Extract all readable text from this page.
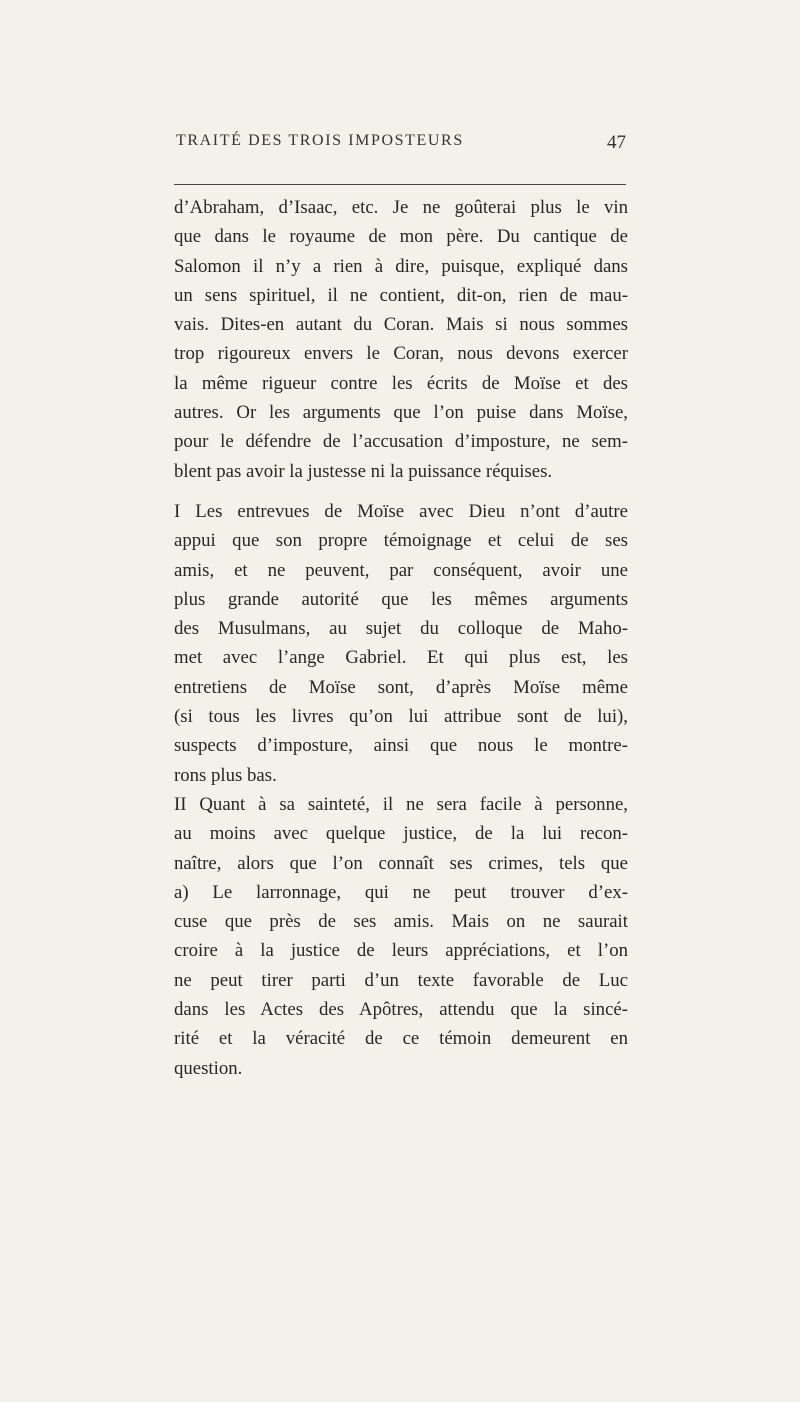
TRAITÉ DES TROIS IMPOSTEURS	47
d’Abraham, d’Isaac, etc. Je ne goûterai plus le vin
que dans le royaume de mon père. Du cantique de
Salomon il n’y a rien à dire, puisque, expliqué dans
un sens spirituel, il ne contient, dit-on, rien de mau-
vais. Dites-en autant du Coran. Mais si nous sommes
trop rigoureux envers le Coran, nous devons exercer
la même rigueur contre les écrits de Moïse et des
autres. Or les arguments que l’on puise dans Moïse,
pour le défendre de l’accusation d’imposture, ne sem-
blent pas avoir la justesse ni la puissance réquises.
I Les entrevues de Moïse avec Dieu n’ont d’autre
appui que son propre témoignage et celui de ses
amis, et ne peuvent, par conséquent, avoir une
plus grande autorité que les mêmes arguments
des Musulmans, au sujet du colloque de Maho-
met avec l’ange Gabriel. Et qui plus est, les
entretiens de Moïse sont, d’après Moïse même
(si tous les livres qu’on lui attribue sont de lui),
suspects d’imposture, ainsi que nous le montre-
rons plus bas.
II Quant à sa sainteté, il ne sera facile à personne,
au moins avec quelque justice, de la lui recon-
naître, alors que l’on connaît ses crimes, tels que
a) Le larronnage, qui ne peut trouver d’ex-
cuse que près de ses amis. Mais on ne saurait
croire à la justice de leurs appréciations, et l’on
ne peut tirer parti d’un texte favorable de Luc
dans les Actes des Apôtres, attendu que la sincé-
rité et la véracité de ce témoin demeurent en
question.
